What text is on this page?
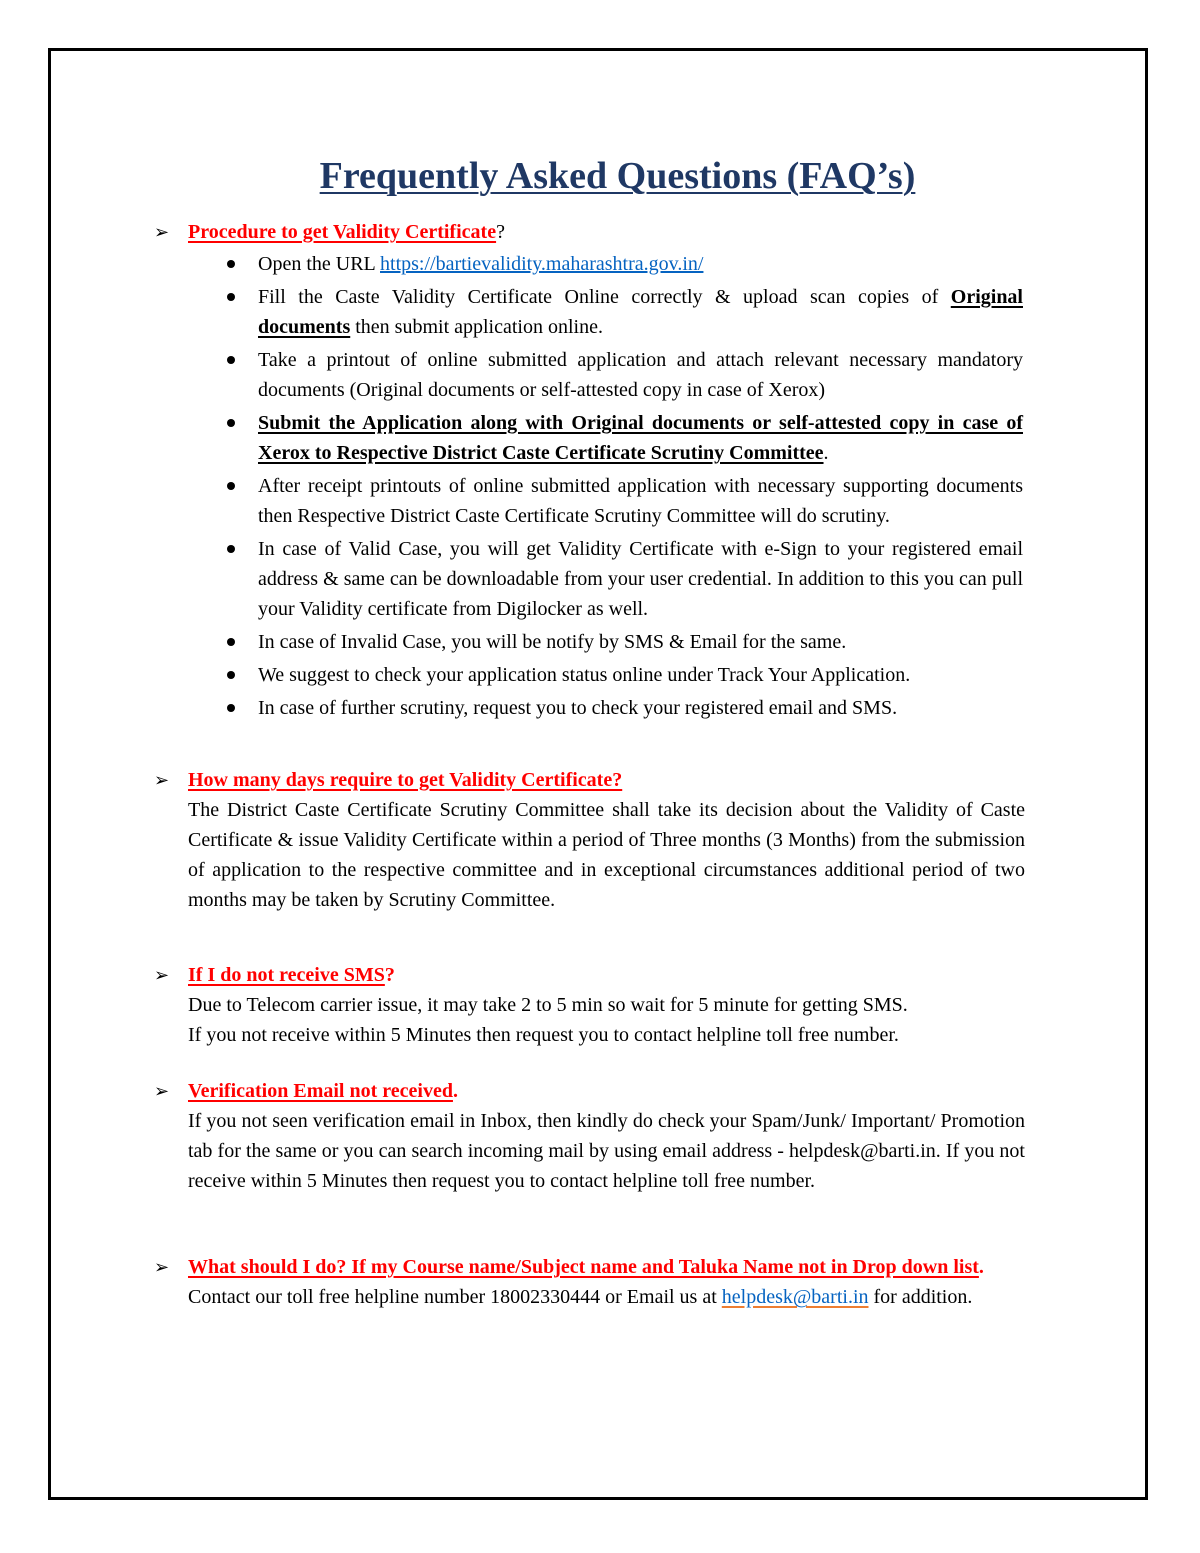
Frequently Asked Questions (FAQ’s)
➢ Procedure to get Validity Certificate?
Open the URL https://bartievalidity.maharashtra.gov.in/
Fill the Caste Validity Certificate Online correctly & upload scan copies of Original documents then submit application online.
Take a printout of online submitted application and attach relevant necessary mandatory documents (Original documents or self-attested copy in case of Xerox)
Submit the Application along with Original documents or self-attested copy in case of Xerox to Respective District Caste Certificate Scrutiny Committee.
After receipt printouts of online submitted application with necessary supporting documents then Respective District Caste Certificate Scrutiny Committee will do scrutiny.
In case of Valid Case, you will get Validity Certificate with e-Sign to your registered email address & same can be downloadable from your user credential. In addition to this you can pull your Validity certificate from Digilocker as well.
In case of Invalid Case, you will be notify by SMS & Email for the same.
We suggest to check your application status online under Track Your Application.
In case of further scrutiny, request you to check your registered email and SMS.
➢ How many days require to get Validity Certificate?

The District Caste Certificate Scrutiny Committee shall take its decision about the Validity of Caste Certificate & issue Validity Certificate within a period of Three months (3 Months) from the submission of application to the respective committee and in exceptional circumstances additional period of two months may be taken by Scrutiny Committee.

➢ If I do not receive SMS?

Due to Telecom carrier issue, it may take 2 to 5 min so wait for 5 minute for getting SMS.
If you not receive within 5 Minutes then request you to contact helpline toll free number.

➢ Verification Email not received.

If you not seen verification email in Inbox, then kindly do check your Spam/Junk/ Important/ Promotion tab for the same or you can search incoming mail by using email address - helpdesk@barti.in. If you not receive within 5 Minutes then request you to contact helpline toll free number.

➢ What should I do? If my Course name/Subject name and Taluka Name not in Drop down list.

Contact our toll free helpline number 18002330444 or Email us at helpdesk@barti.in for addition.
